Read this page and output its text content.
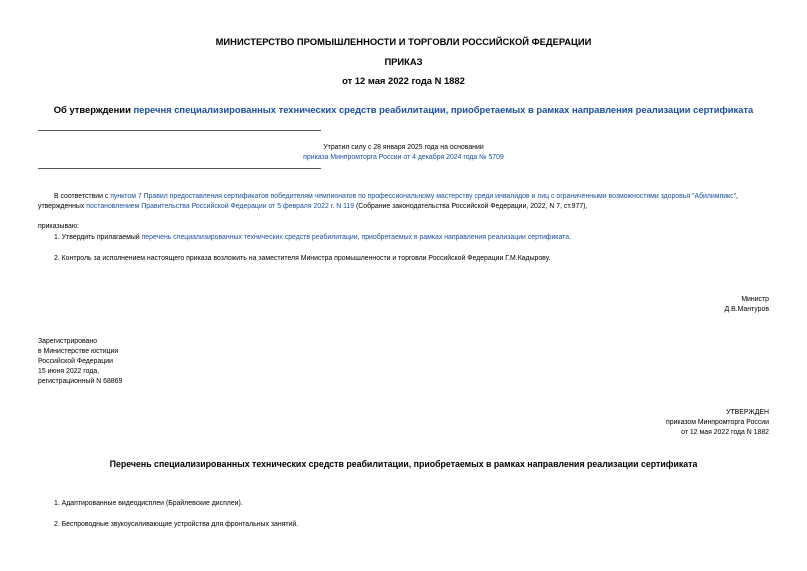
МИНИСТЕРСТВО ПРОМЫШЛЕННОСТИ И ТОРГОВЛИ РОССИЙСКОЙ ФЕДЕРАЦИИ
ПРИКАЗ
от 12 мая 2022 года N 1882
Об утверждении перечня специализированных технических средств реабилитации, приобретаемых в рамках направления реализации сертификата
Утратил силу с 28 января 2025 года на основании
приказа Минпромторга России от 4 декабря 2024 года № 5709
В соответствии с пунктом 7 Правил предоставления сертификатов победителям чемпионатов по профессиональному мастерству среди инвалидов и лиц с ограниченными возможностями здоровья "Абилимпикс",
утвержденных постановлением Правительства Российской Федерации от 5 февраля 2022 г. N 119 (Собрание законодательства Российской Федерации, 2022, N 7, ст.977),
приказываю:
1. Утвердить прилагаемый перечень специализированных технических средств реабилитации, приобретаемых в рамках направления реализации сертификата.
2. Контроль за исполнением настоящего приказа возложить на заместителя Министра промышленности и торговли Российской Федерации Г.М.Кадырову.
Министр
Д.В.Мантуров
Зарегистрировано
в Министерстве юстиции
Российской Федерации
15 июня 2022 года,
регистрационный N 68869
УТВЕРЖДЕН
приказом Минпромторга России
от 12 мая 2022 года N 1882
Перечень специализированных технических средств реабилитации, приобретаемых в рамках направления реализации сертификата
1. Адаптированные видеодисплеи (Брайлевские дисплеи).
2. Беспроводные звукоусиливающие устройства для фронтальных занятий.
